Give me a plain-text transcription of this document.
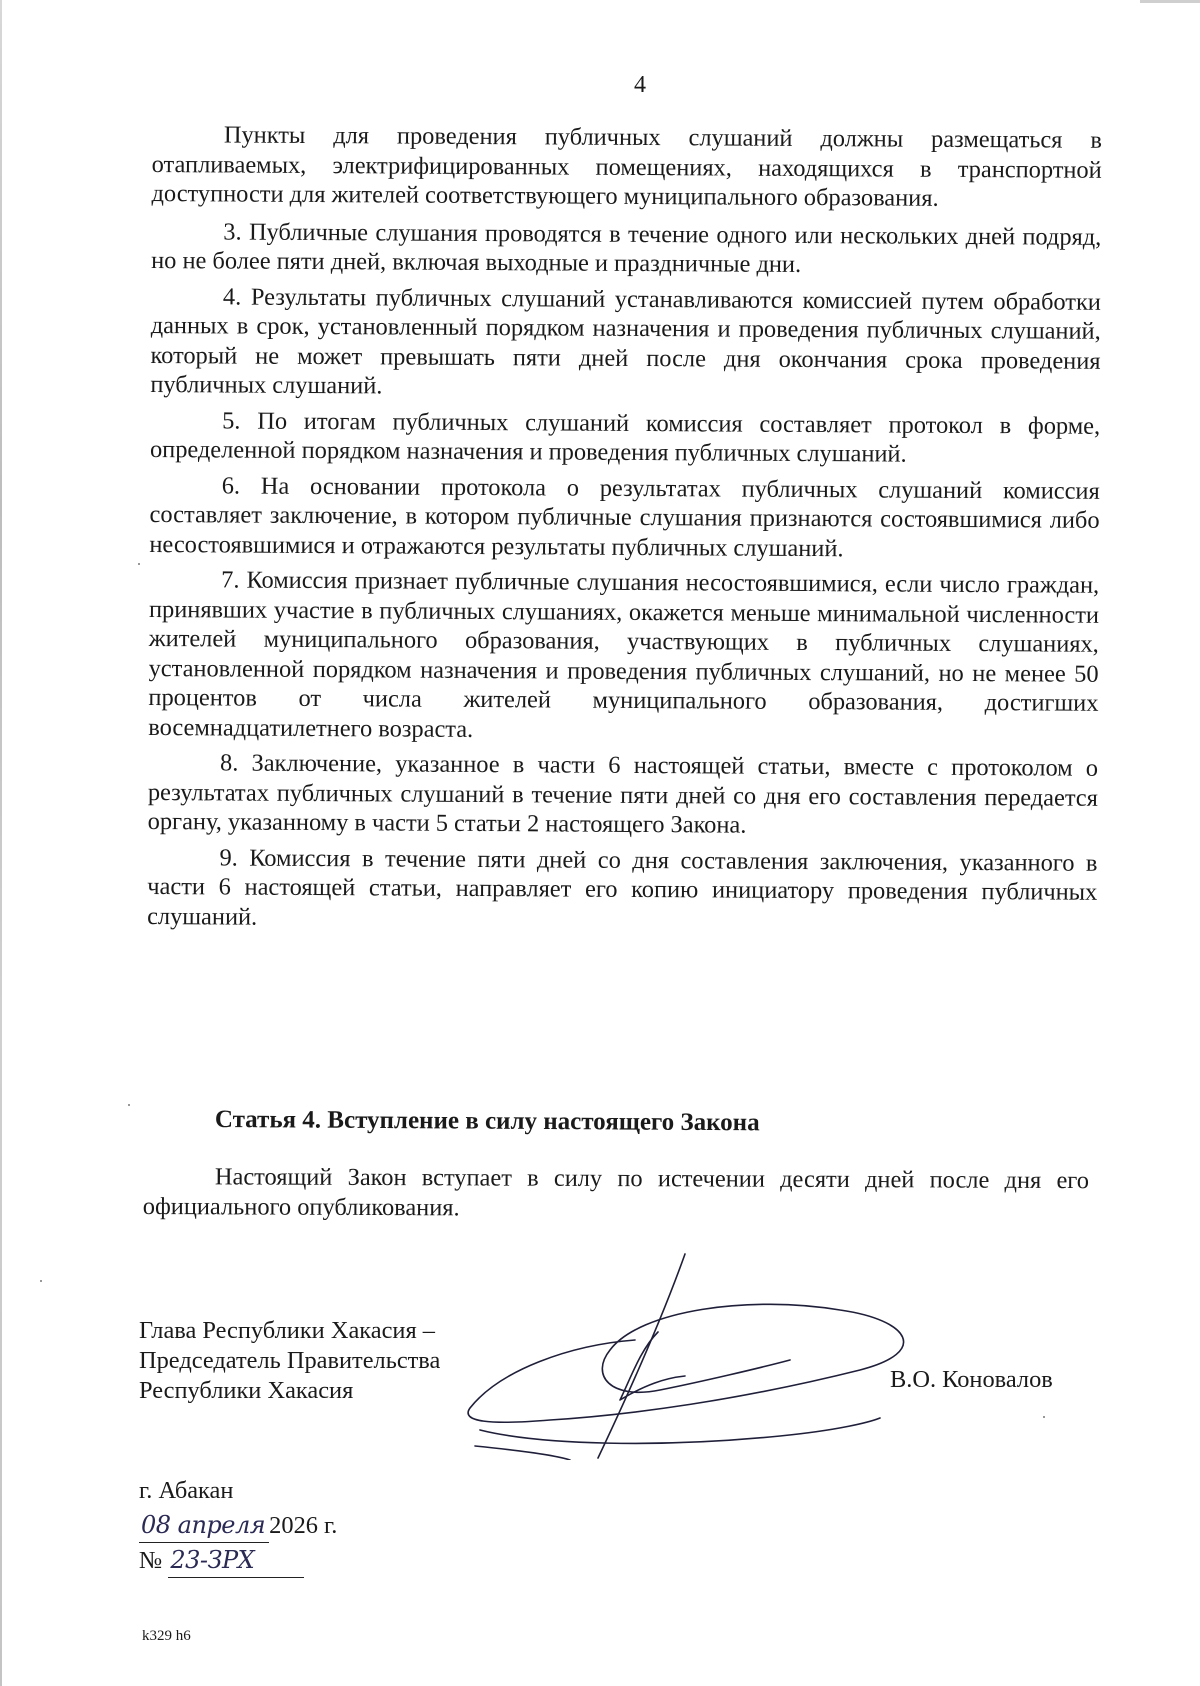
4

Пункты для проведения публичных слушаний должны размещаться в отапливаемых, электрифицированных помещениях, находящихся в транспортной доступности для жителей соответствующего муниципального образования.

3. Публичные слушания проводятся в течение одного или нескольких дней подряд, но не более пяти дней, включая выходные и праздничные дни.

4. Результаты публичных слушаний устанавливаются комиссией путем обработки данных в срок, установленный порядком назначения и проведения публичных слушаний, который не может превышать пяти дней после дня окончания срока проведения публичных слушаний.

5. По итогам публичных слушаний комиссия составляет протокол в форме, определенной порядком назначения и проведения публичных слушаний.

6. На основании протокола о результатах публичных слушаний комиссия составляет заключение, в котором публичные слушания признаются состоявшимися либо несостоявшимися и отражаются результаты публичных слушаний.

7. Комиссия признает публичные слушания несостоявшимися, если число граждан, принявших участие в публичных слушаниях, окажется меньше минимальной численности жителей муниципального образования, участвующих в публичных слушаниях, установленной порядком назначения и проведения публичных слушаний, но не менее 50 процентов от числа жителей муниципального образования, достигших восемнадцатилетнего возраста.

8. Заключение, указанное в части 6 настоящей статьи, вместе с протоколом о результатах публичных слушаний в течение пяти дней со дня его составления передается органу, указанному в части 5 статьи 2 настоящего Закона.

9. Комиссия в течение пяти дней со дня составления заключения, указанного в части 6 настоящей статьи, направляет его копию инициатору проведения публичных слушаний.

Статья 4. Вступление в силу настоящего Закона
Настоящий Закон вступает в силу по истечении десяти дней после дня его официального опубликования.
Глава Республики Хакасия –
Председатель Правительства
Республики Хакасия	В.О. Коновалов
г. Абакан
08 апреля 2026 г.
№ 23-ЗРХ
k329 h6
